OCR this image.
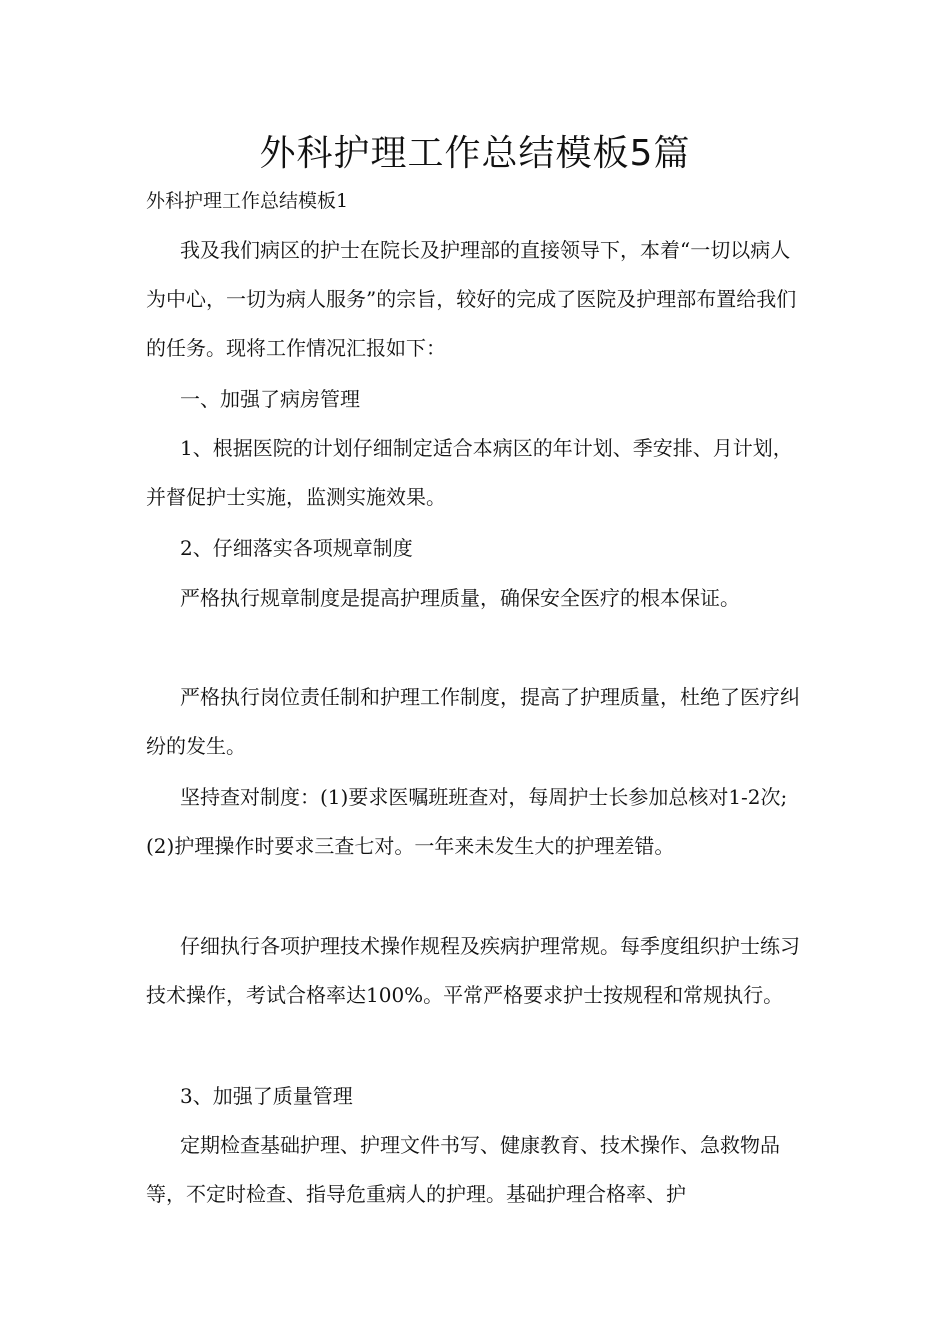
外科护理工作总结模板5篇

外科护理工作总结模板1

我及我们病区的护士在院长及护理部的直接领导下，本着“一切以病人为中心，一切为病人服务”的宗旨，较好的完成了医院及护理部布置给我们的任务。现将工作情况汇报如下：

一、加强了病房管理

1、根据医院的计划仔细制定适合本病区的年计划、季安排、月计划，并督促护士实施，监测实施效果。

2、仔细落实各项规章制度

严格执行规章制度是提高护理质量，确保安全医疗的根本保证。

严格执行岗位责任制和护理工作制度，提高了护理质量，杜绝了医疗纠纷的发生。

坚持查对制度：(1)要求医嘱班班查对，每周护士长参加总核对1-2次;(2)护理操作时要求三查七对。一年来未发生大的护理差错。

仔细执行各项护理技术操作规程及疾病护理常规。每季度组织护士练习技术操作，考试合格率达100%。平常严格要求护士按规程和常规执行。

3、加强了质量管理

定期检查基础护理、护理文件书写、健康教育、技术操作、急救物品等，不定时检查、指导危重病人的护理。基础护理合格率、护
